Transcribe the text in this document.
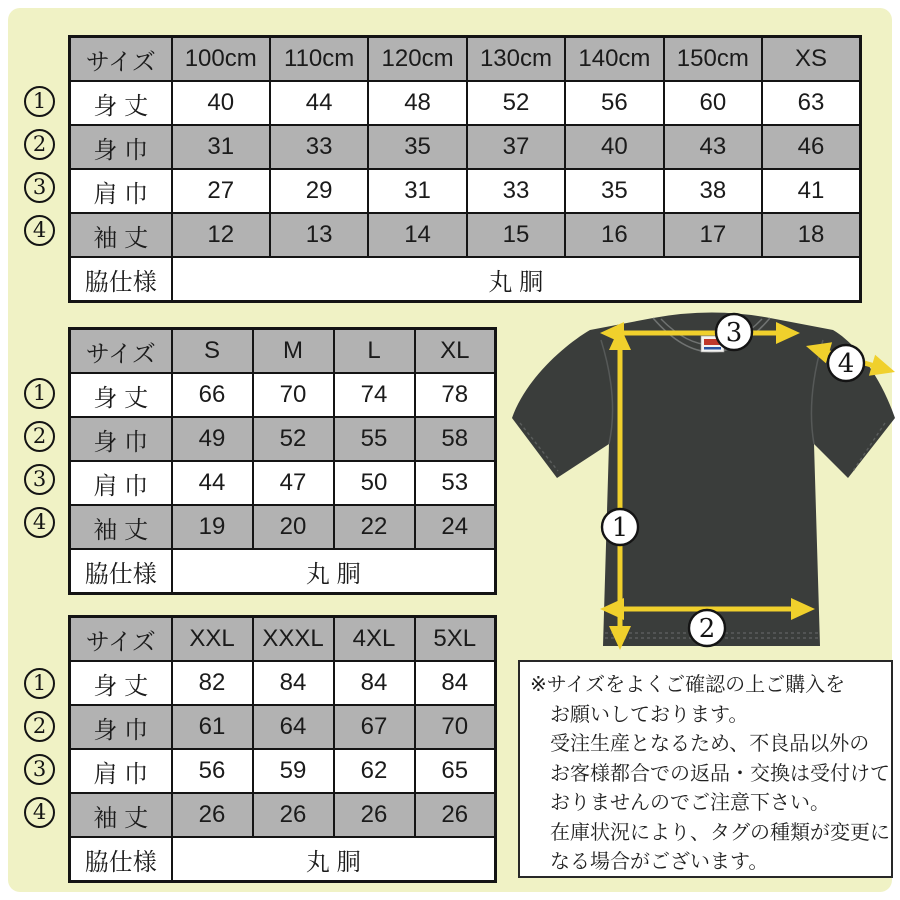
サイズ	100cm	110cm	120cm	130cm	140cm	150cm	XS
身 丈	40	44	48	52	56	60	63
身 巾	31	33	35	37	40	43	46
肩 巾	27	29	31	33	35	38	41
袖 丈	12	13	14	15	16	17	18
脇仕様	丸 胴						
1
2
3
4
サイズ	S	M	L	XL
身 丈	66	70	74	78
身 巾	49	52	55	58
肩 巾	44	47	50	53
袖 丈	19	20	22	24
脇仕様	丸 胴			
1
2
3
4
サイズ	XXL	XXXL	4XL	5XL
身 丈	82	84	84	84
身 巾	61	64	67	70
肩 巾	56	59	62	65
袖 丈	26	26	26	26
脇仕様	丸 胴			
1
2
3
4
3
4
1
2

※サイズをよくご確認の上ご購入を

お願いしております。

受注生産となるため、不良品以外の

お客様都合での返品・交換は受付けて

おりませんのでご注意下さい。

在庫状況により、タグの種類が変更に

なる場合がございます。
